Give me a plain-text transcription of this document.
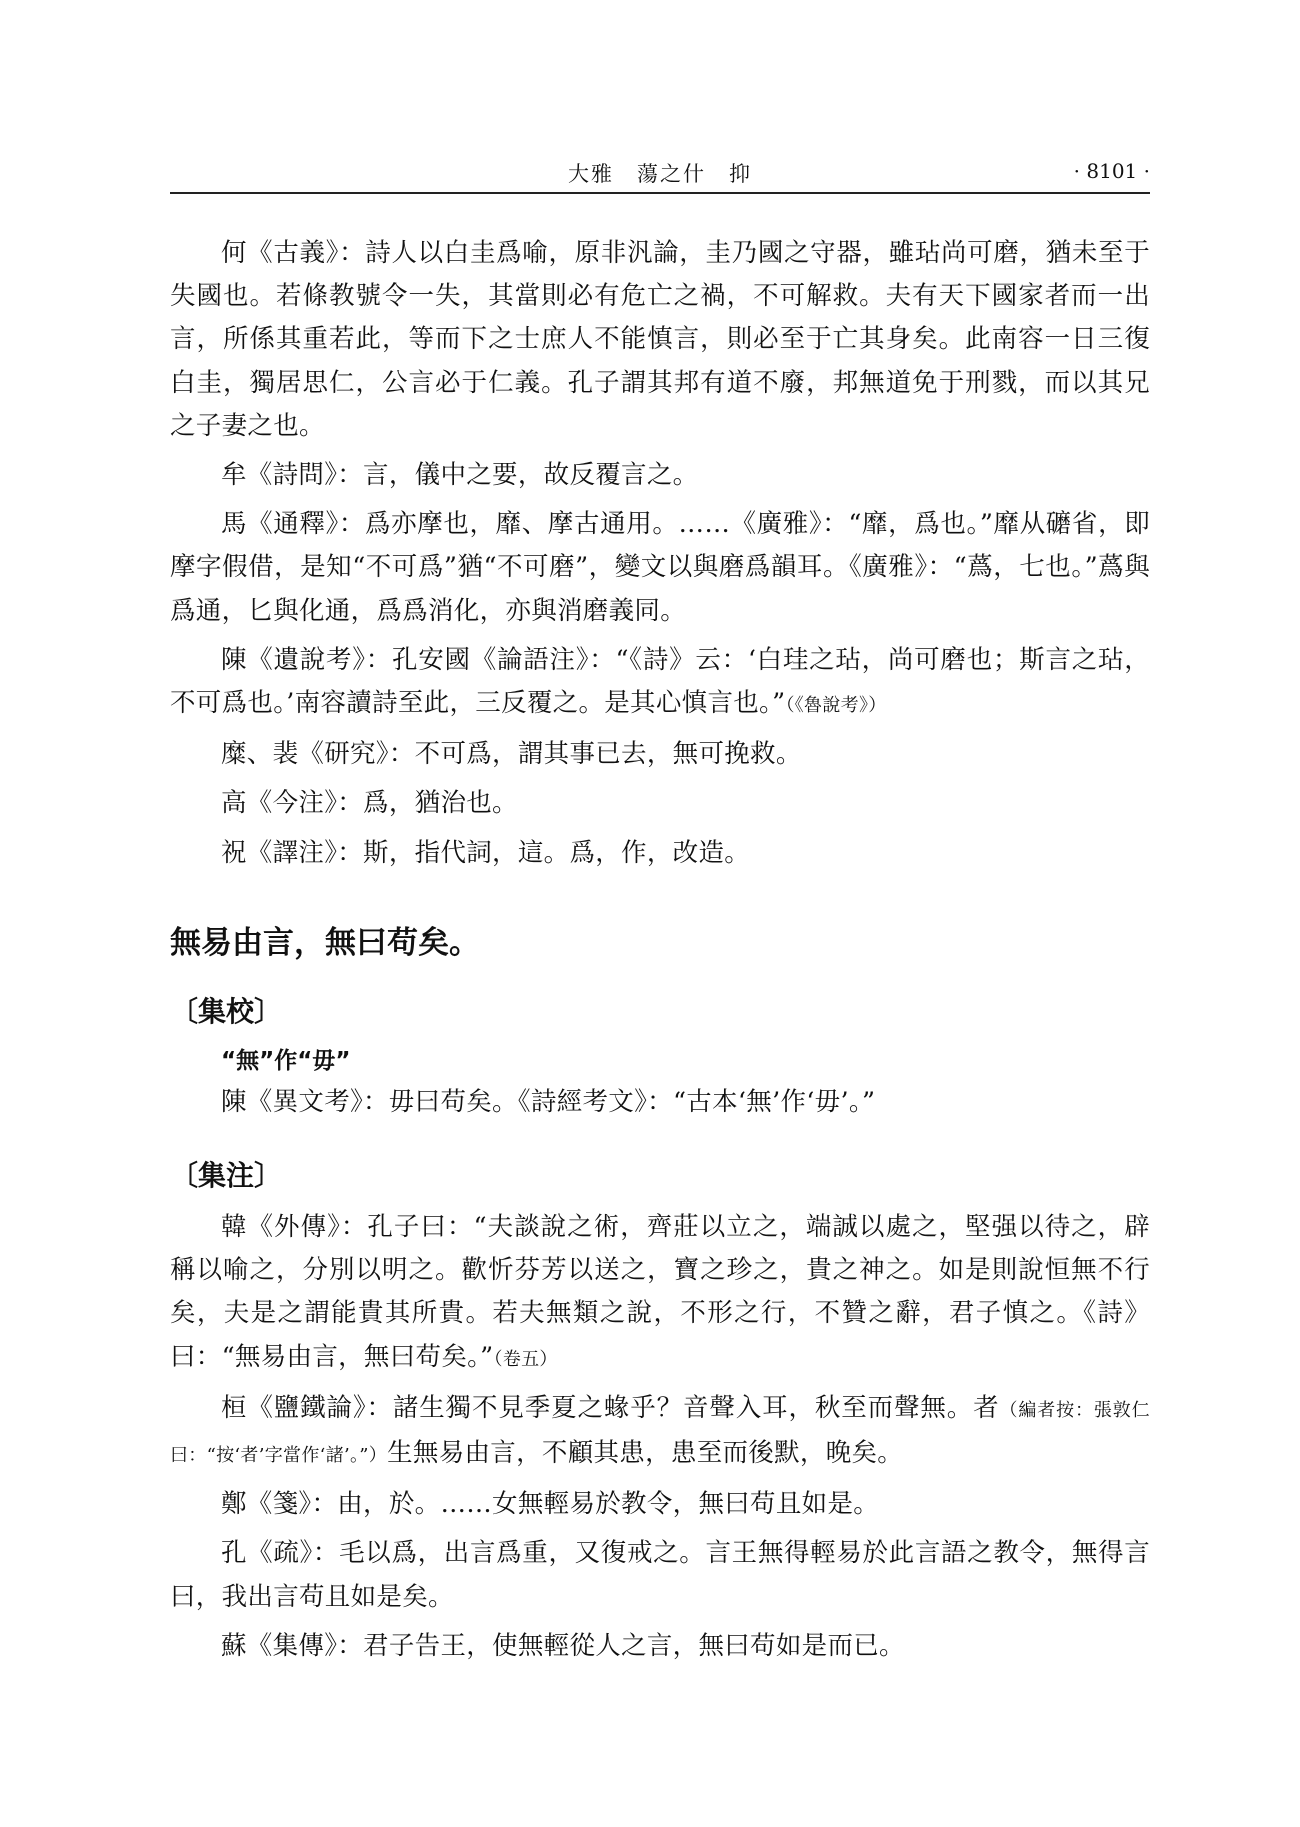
大雅　蕩之什　抑	· 8101 ·

何《古義》：詩人以白圭爲喻，原非汎論，圭乃國之守器，雖玷尚可磨，猶未至于失國也。若條教號令一失，其當則必有危亡之禍，不可解救。夫有天下國家者而一出言，所係其重若此，等而下之士庶人不能慎言，則必至于亡其身矣。此南容一日三復白圭，獨居思仁，公言必于仁義。孔子謂其邦有道不廢，邦無道免于刑戮，而以其兄之子妻之也。

牟《詩問》：言，儀中之要，故反覆言之。

馬《通釋》：爲亦摩也，靡、摩古通用。……《廣雅》：“靡，爲也。”靡从礳省，即摩字假借，是知“不可爲”猶“不可磨”，變文以與磨爲韻耳。《廣雅》：“蔿，七也。”蔿與爲通，匕與化通，爲爲消化，亦與消磨義同。

陳《遺說考》：孔安國《論語注》：“《詩》云：‘白珪之玷，尚可磨也；斯言之玷，不可爲也。’南容讀詩至此，三反覆之。是其心慎言也。”（《魯說考》）

糜、裴《研究》：不可爲，謂其事已去，無可挽救。

高《今注》：爲，猶治也。

祝《譯注》：斯，指代詞，這。爲，作，改造。

無易由言，無曰苟矣。
〔集校〕
“無”作“毋”

陳《異文考》：毋曰苟矣。《詩經考文》：“古本‘無’作‘毋’。”

〔集注〕

韓《外傳》：孔子曰：“夫談說之術，齊莊以立之，端誠以處之，堅强以待之，辟稱以喻之，分別以明之。歡忻芬芳以送之，寶之珍之，貴之神之。如是則說恒無不行矣，夫是之謂能貴其所貴。若夫無類之說，不形之行，不贊之辭，君子慎之。《詩》曰：“無易由言，無曰苟矣。”（卷五）

桓《鹽鐵論》：諸生獨不見季夏之蝝乎？音聲入耳，秋至而聲無。者（編者按：張敦仁曰：“按‘者’字當作‘諸’。”）生無易由言，不顧其患，患至而後默，晚矣。

鄭《箋》：由，於。……女無輕易於教令，無曰苟且如是。

孔《疏》：毛以爲，出言爲重，又復戒之。言王無得輕易於此言語之教令，無得言曰，我出言苟且如是矣。

蘇《集傳》：君子告王，使無輕從人之言，無曰苟如是而已。
